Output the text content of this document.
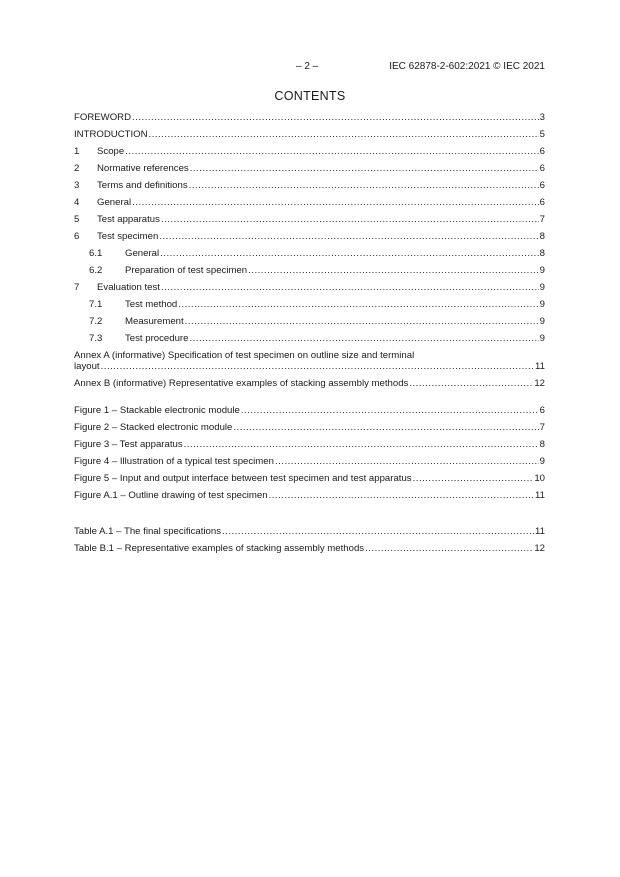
– 2 –	IEC 62878-2-602:2021 © IEC 2021
CONTENTS
FOREWORD .....	3
INTRODUCTION .....	5
1	Scope .....	6
2	Normative references .....	6
3	Terms and definitions .....	6
4	General .....	6
5	Test apparatus .....	7
6	Test specimen .....	8
6.1	General .....	8
6.2	Preparation of test specimen .....	9
7	Evaluation test .....	9
7.1	Test method .....	9
7.2	Measurement .....	9
7.3	Test procedure .....	9
Annex A (informative) Specification of test specimen on outline size and terminal
layout .....	11
Annex B (informative) Representative examples of stacking assembly methods .....	12
Figure 1 – Stackable electronic module .....	6
Figure 2 – Stacked electronic module .....	7
Figure 3 – Test apparatus .....	8
Figure 4 – Illustration of a typical test specimen .....	9
Figure 5 – Input and output interface between test specimen and test apparatus .....	10
Figure A.1 – Outline drawing of test specimen .....	11
Table A.1 – The final specifications .....	11
Table B.1 – Representative examples of stacking assembly methods .....	12
